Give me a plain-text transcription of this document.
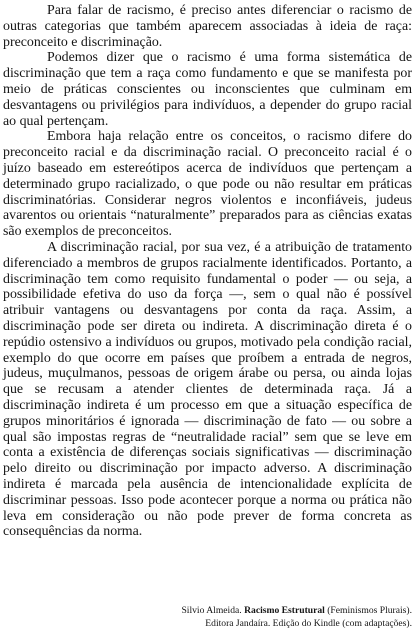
Para falar de racismo, é preciso antes diferenciar o racismo de outras categorias que também aparecem associadas à ideia de raça: preconceito e discriminação.

Podemos dizer que o racismo é uma forma sistemática de discriminação que tem a raça como fundamento e que se manifesta por meio de práticas conscientes ou inconscientes que culminam em desvantagens ou privilégios para indivíduos, a depender do grupo racial ao qual pertençam.

Embora haja relação entre os conceitos, o racismo difere do preconceito racial e da discriminação racial. O preconceito racial é o juízo baseado em estereótipos acerca de indivíduos que pertençam a determinado grupo racializado, o que pode ou não resultar em práticas discriminatórias. Considerar negros violentos e inconfiáveis, judeus avarentos ou orientais “naturalmente” preparados para as ciências exatas são exemplos de preconceitos.

A discriminação racial, por sua vez, é a atribuição de tratamento diferenciado a membros de grupos racialmente identificados. Portanto, a discriminação tem como requisito fundamental o poder — ou seja, a possibilidade efetiva do uso da força —, sem o qual não é possível atribuir vantagens ou desvantagens por conta da raça. Assim, a discriminação pode ser direta ou indireta. A discriminação direta é o repúdio ostensivo a indivíduos ou grupos, motivado pela condição racial, exemplo do que ocorre em países que proíbem a entrada de negros, judeus, muçulmanos, pessoas de origem árabe ou persa, ou ainda lojas que se recusam a atender clientes de determinada raça. Já a discriminação indireta é um processo em que a situação específica de grupos minoritários é ignorada — discriminação de fato — ou sobre a qual são impostas regras de “neutralidade racial” sem que se leve em conta a existência de diferenças sociais significativas — discriminação pelo direito ou discriminação por impacto adverso. A discriminação indireta é marcada pela ausência de intencionalidade explícita de discriminar pessoas. Isso pode acontecer porque a norma ou prática não leva em consideração ou não pode prever de forma concreta as consequências da norma.

Silvio Almeida. Racismo Estrutural (Feminismos Plurais).
Editora Jandaíra. Edição do Kindle (com adaptações).
